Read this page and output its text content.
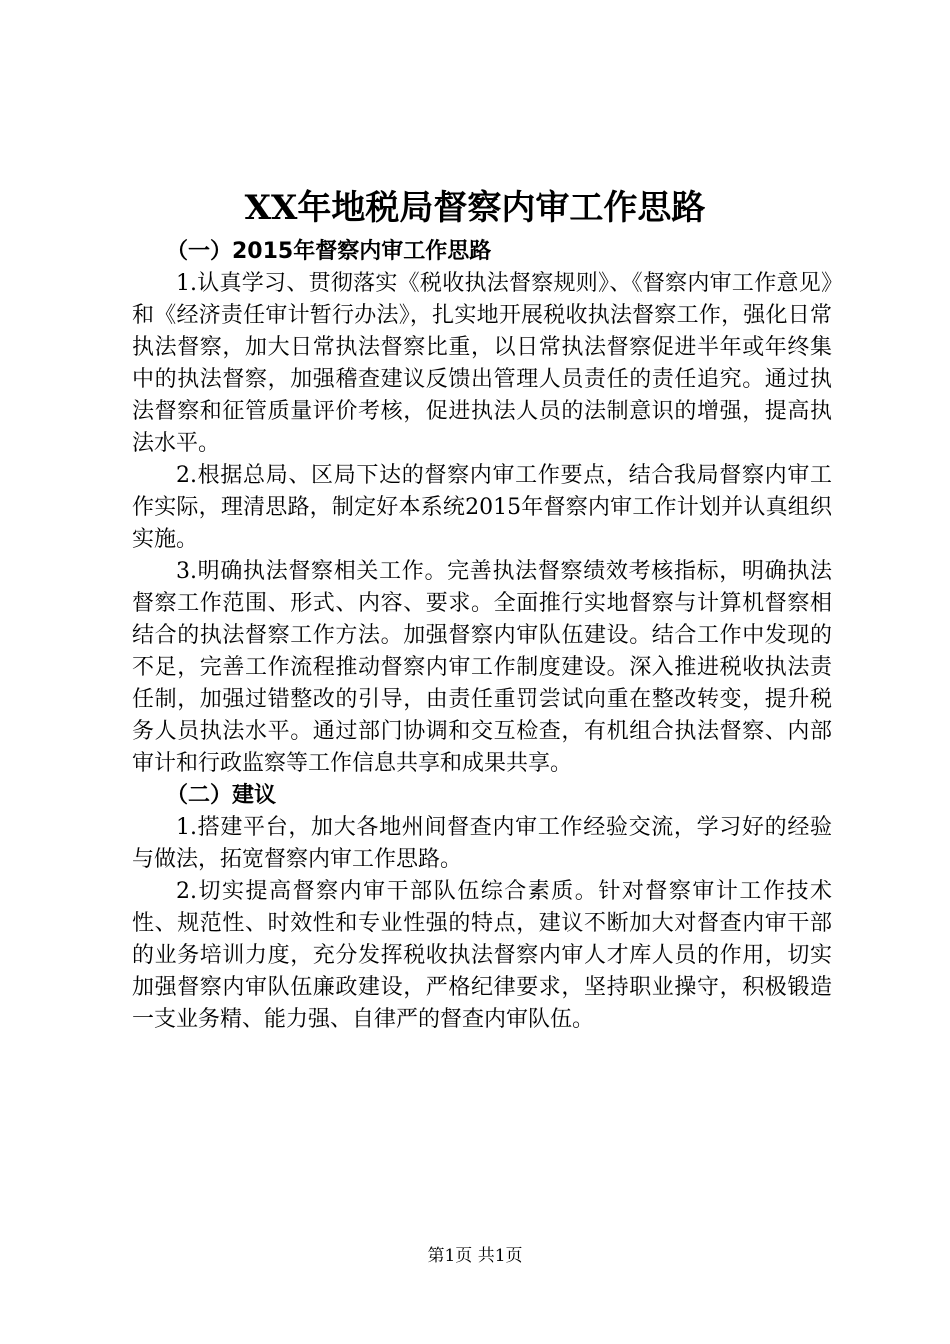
XX年地税局督察内审工作思路

（一）2015年督察内审工作思路

1.认真学习、贯彻落实《税收执法督察规则》、《督察内审工作意见》和《经济责任审计暂行办法》，扎实地开展税收执法督察工作，强化日常执法督察，加大日常执法督察比重，以日常执法督察促进半年或年终集中的执法督察，加强稽查建议反馈出管理人员责任的责任追究。通过执法督察和征管质量评价考核，促进执法人员的法制意识的增强，提高执法水平。

2.根据总局、区局下达的督察内审工作要点，结合我局督察内审工作实际，理清思路，制定好本系统2015年督察内审工作计划并认真组织实施。

3.明确执法督察相关工作。完善执法督察绩效考核指标，明确执法督察工作范围、形式、内容、要求。全面推行实地督察与计算机督察相结合的执法督察工作方法。加强督察内审队伍建设。结合工作中发现的不足，完善工作流程推动督察内审工作制度建设。深入推进税收执法责任制，加强过错整改的引导，由责任重罚尝试向重在整改转变，提升税务人员执法水平。通过部门协调和交互检查，有机组合执法督察、内部审计和行政监察等工作信息共享和成果共享。

（二）建议

1.搭建平台，加大各地州间督查内审工作经验交流，学习好的经验与做法，拓宽督察内审工作思路。

2.切实提高督察内审干部队伍综合素质。针对督察审计工作技术性、规范性、时效性和专业性强的特点，建议不断加大对督查内审干部的业务培训力度，充分发挥税收执法督察内审人才库人员的作用，切实加强督察内审队伍廉政建设，严格纪律要求，坚持职业操守，积极锻造一支业务精、能力强、自律严的督查内审队伍。

第1页 共1页
